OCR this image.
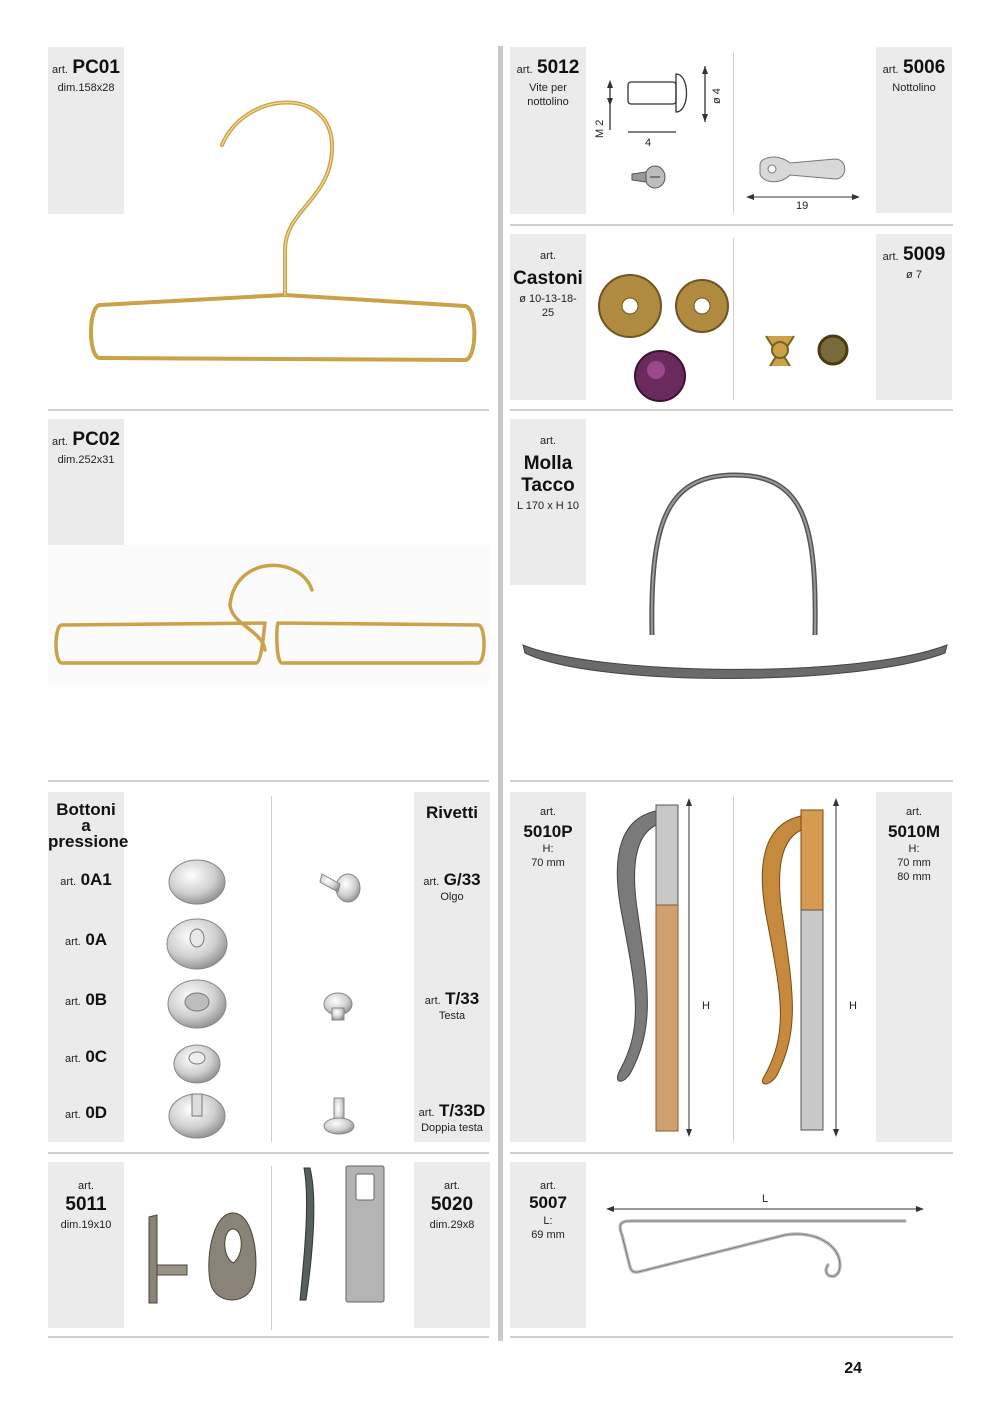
art. PC01
dim.158x28
art. PC02
dim.252x31
art. 5012
Vite per nottolino
M 2
4
ø 4
art. 5006
Nottolino
19
art.
Castoni
ø 10-13-18-25
art. 5009
ø 7
art.
Molla
Tacco
L 170 x H 10
Bottoni
a
pressione
art. 0A1
art. 0A
art. 0B
art. 0C
art. 0D
Rivetti
art. G/33
Olgo
art. T/33
Testa
art. T/33D
Doppia testa
art.
5010P
H:
70 mm
H
art.
5010M
H:
70 mm
80 mm
H
art.
5011
dim.19x10
art.
5020
dim.29x8
art.
5007
L:
69 mm
L
24
